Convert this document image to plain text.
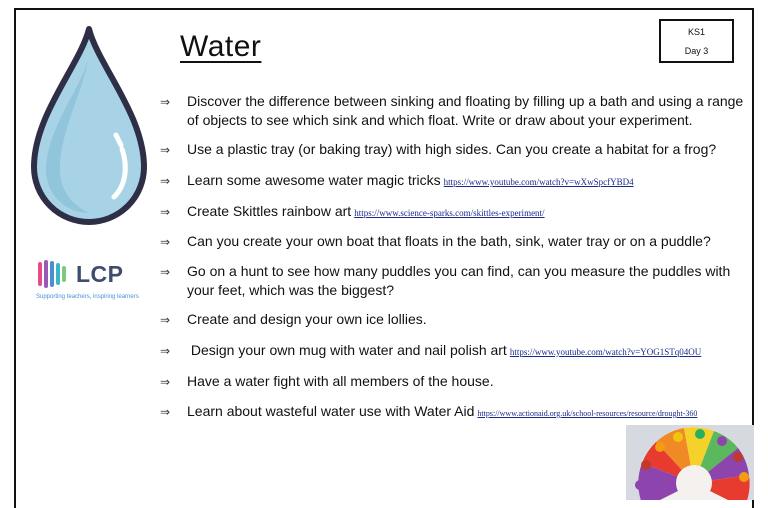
Water	KS1
Day 3
LCP
Supporting teachers, inspiring learners
⇒	Discover the difference between sinking and floating by filling up a bath and using a range of objects to see which sink and which float. Write or draw about your experiment.
⇒	Use a plastic tray (or baking tray) with high sides. Can you create a habitat for a frog?
⇒	Learn some awesome water magic tricks https://www.youtube.com/watch?v=wXwSpcfYBD4
⇒	Create Skittles rainbow art https://www.science-sparks.com/skittles-experiment/
⇒	Can you create your own boat that floats in the bath, sink, water tray or on a puddle?
⇒	Go on a hunt to see how many puddles you can find, can you measure the puddles with your feet, which was the biggest?
⇒	Create and design your own ice lollies.
⇒	Design your own mug with water and nail polish art https://www.youtube.com/watch?v=YOG1STq04OU
⇒	Have a water fight with all members of the house.
⇒	Learn about wasteful water use with Water Aid https://www.actionaid.org.uk/school-resources/resource/drought-360
